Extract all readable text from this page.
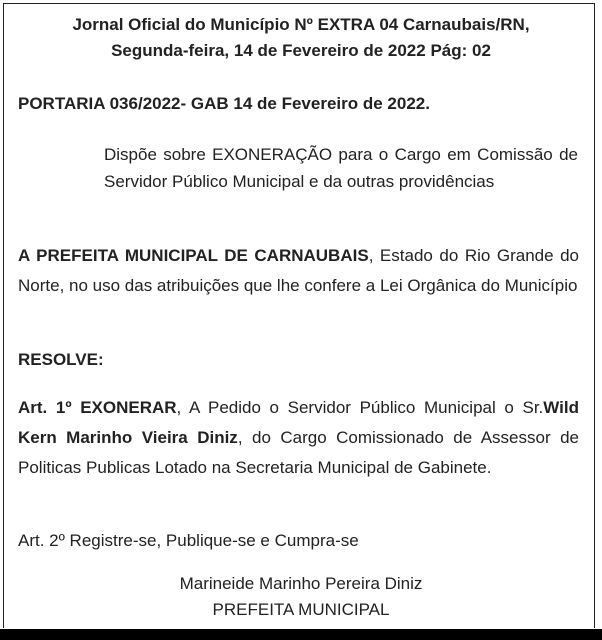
Jornal Oficial do Município Nº EXTRA 04 Carnaubais/RN,
Segunda-feira, 14 de Fevereiro de 2022 Pág: 02
PORTARIA 036/2022- GAB 14 de Fevereiro de 2022.
Dispõe sobre EXONERAÇÃO para o Cargo em Comissão de Servidor Público Municipal e da outras providências
A PREFEITA MUNICIPAL DE CARNAUBAIS, Estado do Rio Grande do Norte, no uso das atribuições que lhe confere a Lei Orgânica do Município
RESOLVE:
Art. 1º EXONERAR, A Pedido o Servidor Público Municipal o Sr.Wild Kern Marinho Vieira Diniz, do Cargo Comissionado de Assessor de Politicas Publicas Lotado na Secretaria Municipal de Gabinete.
Art. 2º Registre-se, Publique-se e Cumpra-se
Marineide Marinho Pereira Diniz
PREFEITA MUNICIPAL
